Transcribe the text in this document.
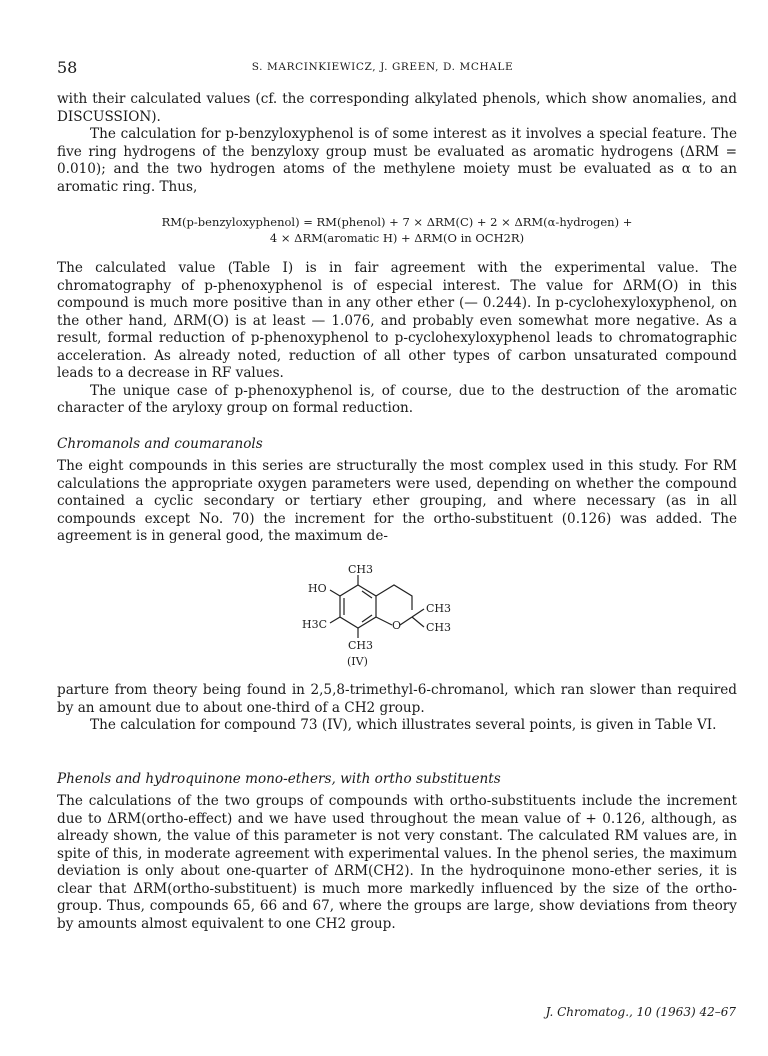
58	S. MARCINKIEWICZ, J. GREEN, D. MCHALE

with their calculated values (cf. the corresponding alkylated phenols, which show anomalies, and DISCUSSION).

The calculation for p-benzyloxyphenol is of some interest as it involves a special feature. The five ring hydrogens of the benzyloxy group must be evaluated as aromatic hydrogens (ΔRM = 0.010); and the two hydrogen atoms of the methylene moiety must be evaluated as α to an aromatic ring. Thus,

RM(p-benzyloxyphenol) = RM(phenol) + 7 × ΔRM(C) + 2 × ΔRM(α-hydrogen) +
4 × ΔRM(aromatic H) + ΔRM(O in OCH2R)

The calculated value (Table I) is in fair agreement with the experimental value. The chromatography of p-phenoxyphenol is of especial interest. The value for ΔRM(O) in this compound is much more positive than in any other ether (— 0.244). In p-cyclohexyloxyphenol, on the other hand, ΔRM(O) is at least — 1.076, and probably even somewhat more negative. As a result, formal reduction of p-phenoxyphenol to p-cyclohexyloxyphenol leads to chromatographic acceleration. As already noted, reduction of all other types of carbon unsaturated compound leads to a decrease in RF values.

The unique case of p-phenoxyphenol is, of course, due to the destruction of the aromatic character of the aryloxy group on formal reduction.

Chromanols and coumaranols

The eight compounds in this series are structurally the most complex used in this study. For RM calculations the appropriate oxygen parameters were used, depending on whether the compound contained a cyclic secondary or tertiary ether grouping, and where necessary (as in all compounds except No. 70) the increment for the ortho-substituent (0.126) was added. The agreement is in general good, the maximum de-

CH3
HO
CH3
CH3
H3C	O
CH3
(IV)

parture from theory being found in 2,5,8-trimethyl-6-chromanol, which ran slower than required by an amount due to about one-third of a CH2 group.

The calculation for compound 73 (IV), which illustrates several points, is given in Table VI.

Phenols and hydroquinone mono-ethers, with ortho substituents

The calculations of the two groups of compounds with ortho-substituents include the increment due to ΔRM(ortho-effect) and we have used throughout the mean value of + 0.126, although, as already shown, the value of this parameter is not very constant. The calculated RM values are, in spite of this, in moderate agreement with experimental values. In the phenol series, the maximum deviation is only about one-quarter of ΔRM(CH2). In the hydroquinone mono-ether series, it is clear that ΔRM(ortho-substituent) is much more markedly influenced by the size of the ortho-group. Thus, compounds 65, 66 and 67, where the groups are large, show deviations from theory by amounts almost equivalent to one CH2 group.

J. Chromatog., 10 (1963) 42–67
